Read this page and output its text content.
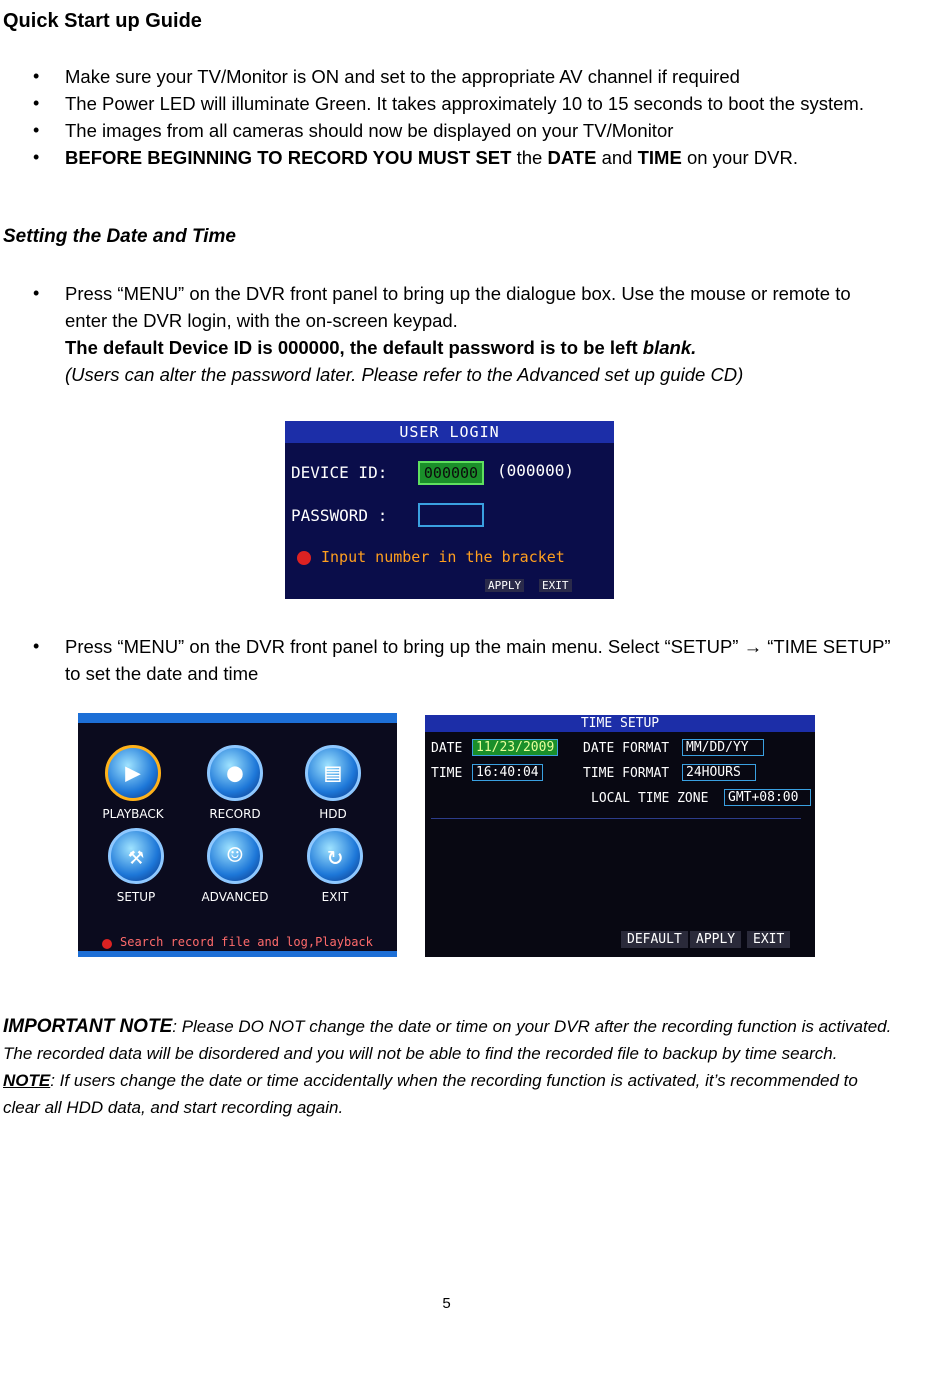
Quick Start up Guide
• Make sure your TV/Monitor is ON and set to the appropriate AV channel if required
• The Power LED will illuminate Green. It takes approximately 10 to 15 seconds to boot the system.
• The images from all cameras should now be displayed on your TV/Monitor
• BEFORE BEGINNING TO RECORD YOU MUST SET the DATE and TIME on your DVR.
Setting the Date and Time
• Press “MENU” on the DVR front panel to bring up the dialogue box. Use the mouse or remote to enter the DVR login, with the on-screen keypad.
The default Device ID is 000000, the default password is to be left blank.
(Users can alter the password later. Please refer to the Advanced set up guide CD)
USER LOGIN
DEVICE ID:	000000	(000000)
PASSWORD :
Input number in the bracket
APPLY EXIT
• Press “MENU” on the DVR front panel to bring up the main menu. Select “SETUP” → “TIME SETUP” to set the date and time
▶
PLAYBACK
●
RECORD
▤
HDD
⚒
SETUP
☺
ADVANCED
↻
EXIT
Search record file and log,Playback
TIME SETUP
DATE	11/23/2009
TIME	16:40:04
DATE FORMAT	MM/DD/YY
TIME FORMAT	24HOURS
LOCAL TIME ZONE	GMT+08:00
DEFAULT	APPLY	EXIT
IMPORTANT NOTE: Please DO NOT change the date or time on your DVR after the recording function is activated. The recorded data will be disordered and you will not be able to find the recorded file to backup by time search.
NOTE: If users change the date or time accidentally when the recording function is activated, it’s recommended to clear all HDD data, and start recording again.
5
